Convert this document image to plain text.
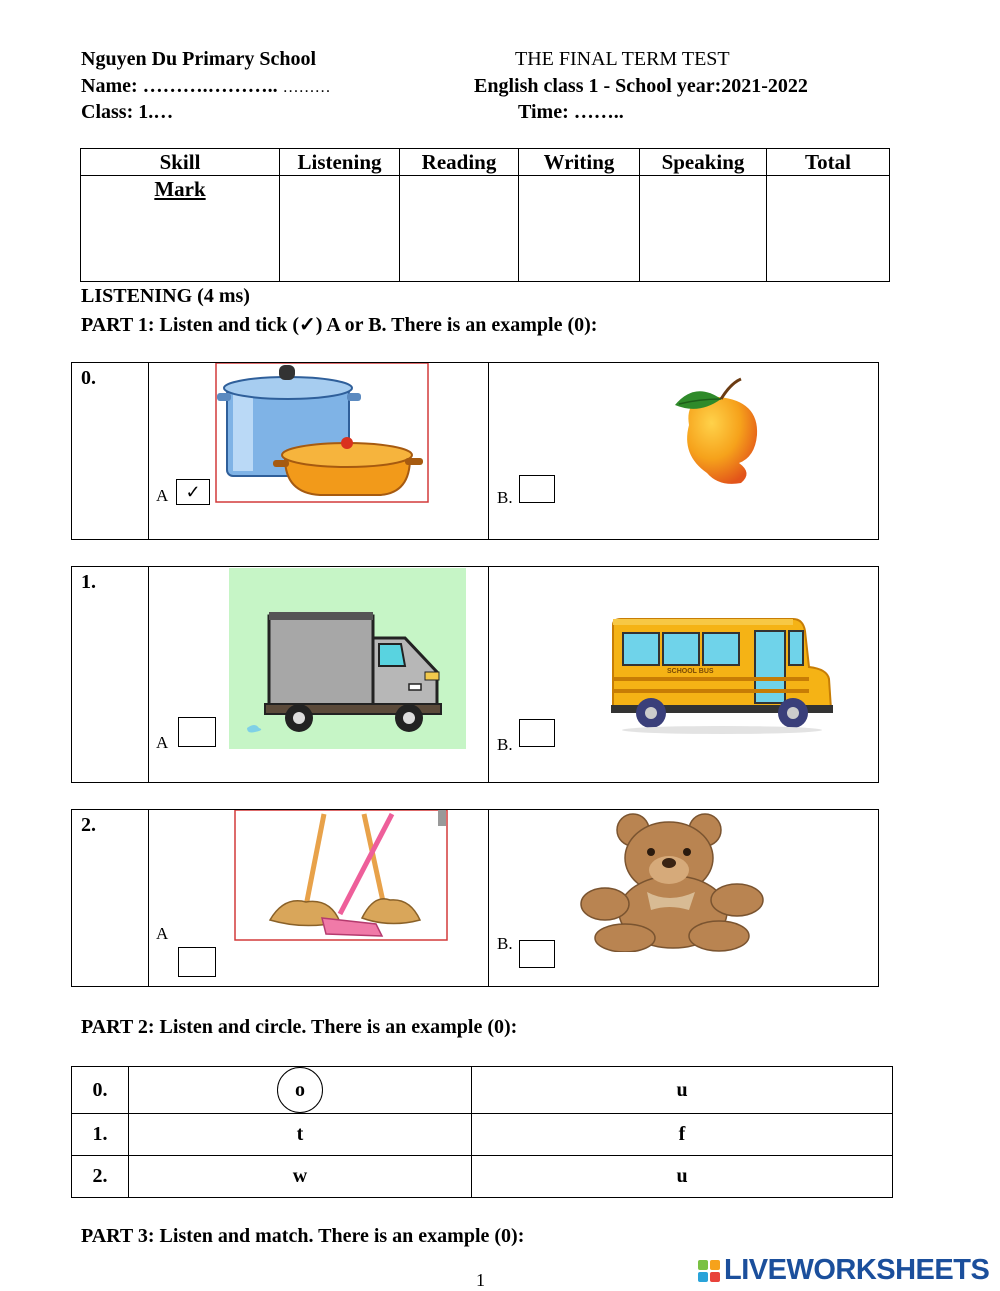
Nguyen Du Primary School
Name: ……….……….. ………
Class: 1.…
THE FINAL TERM TEST
English class 1 - School year:2021-2022
Time: ……..
Skill	Listening	Reading	Writing	Speaking	Total
Mark					
LISTENING (4 ms)
PART 1: Listen and tick (✓) A or B. There is an example (0):
0.
A ✓	B.
1.
A
SCHOOL BUS
B.
2.
A
B.
PART 2: Listen and circle. There is an example (0):
0.	o	u
1.	t	f
2.	w	u
PART 3: Listen and match. There is an example (0):
1	LIVEWORKSHEETS
